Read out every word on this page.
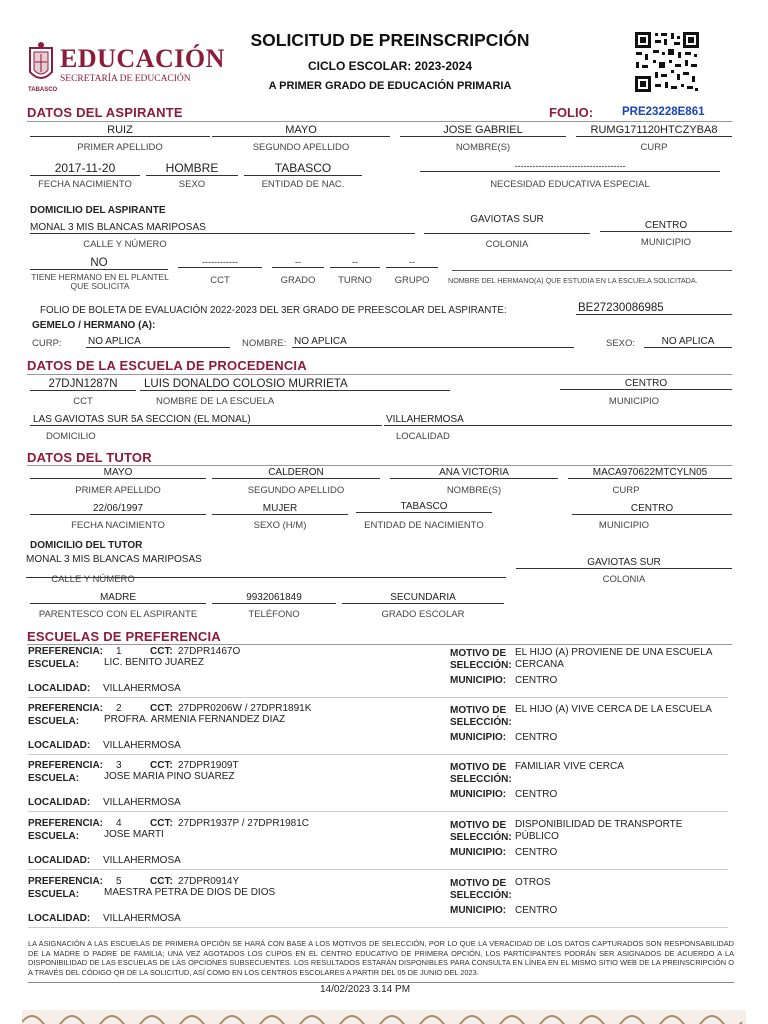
EDUCACIÓN
SECRETARÍA DE EDUCACIÓN
TABASCO
SOLICITUD DE PREINSCRIPCIÓN
CICLO ESCOLAR: 2023-2024
A PRIMER GRADO DE EDUCACIÓN PRIMARIA
DATOS DEL ASPIRANTE	FOLIO:	PRE23228E861
RUIZ
PRIMER APELLIDO
MAYO
SEGUNDO APELLIDO
JOSE GABRIEL
NOMBRE(S)
RUMG171120HTCZYBA8
CURP
2017-11-20
FECHA NACIMIENTO
HOMBRE
SEXO
TABASCO
ENTIDAD DE NAC.
-------------------------------------
NECESIDAD EDUCATIVA ESPECIAL
DOMICILIO DEL ASPIRANTE
MONAL 3 MIS BLANCAS MARIPOSAS
CALLE Y NÚMERO
GAVIOTAS SUR
COLONIA
CENTRO
MUNICIPIO
NO
TIENE HERMANO EN EL PLANTEL QUE SOLICITA
------------
CCT
--
GRADO
--
TURNO
--
GRUPO	NOMBRE DEL HERMANO(A) QUE ESTUDIA EN LA ESCUELA SOLICITADA.
FOLIO DE BOLETA DE EVALUACIÓN 2022-2023 DEL 3ER GRADO DE PREESCOLAR DEL ASPIRANTE:	BE27230086985
GEMELO / HERMANO (A):
CURP:	NO APLICA	NOMBRE: NO APLICA	SEXO:	NO APLICA
DATOS DE LA ESCUELA DE PROCEDENCIA
27DJN1287N
CCT
LUIS DONALDO COLOSIO MURRIETA
NOMBRE DE LA ESCUELA
CENTRO
MUNICIPIO
LAS GAVIOTAS SUR 5A SECCION (EL MONAL)
DOMICILIO
VILLAHERMOSA
LOCALIDAD
DATOS DEL TUTOR
MAYO
PRIMER APELLIDO
CALDERON
SEGUNDO APELLIDO
ANA VICTORIA
NOMBRE(S)
MACA970622MTCYLN05
CURP
22/06/1997
FECHA NACIMIENTO
MUJER
SEXO (H/M)
TABASCO
ENTIDAD DE NACIMIENTO
CENTRO
MUNICIPIO
DOMICILIO DEL TUTOR
MONAL 3 MIS BLANCAS MARIPOSAS
CALLE Y NÚMERO
GAVIOTAS SUR
COLONIA
MADRE
PARENTESCO CON EL ASPIRANTE
9932061849
TELÉFONO
SECUNDARIA
GRADO ESCOLAR
ESCUELAS DE PREFERENCIA
PREFERENCIA: 1	CCT: 27DPR1467O
ESCUELA: LIC. BENITO JUAREZ
LOCALIDAD: VILLAHERMOSA
MOTIVO DE
SELECCIÓN:
EL HIJO (A) PROVIENE DE UNA ESCUELA CERCANA
MUNICIPIO: CENTRO
PREFERENCIA: 2	CCT: 27DPR0206W / 27DPR1891K
ESCUELA: PROFRA. ARMENIA FERNANDEZ DIAZ
LOCALIDAD: VILLAHERMOSA
MOTIVO DE
SELECCIÓN:
EL HIJO (A) VIVE CERCA DE LA ESCUELA
MUNICIPIO: CENTRO
PREFERENCIA: 3	CCT: 27DPR1909T
ESCUELA: JOSE MARIA PINO SUAREZ
LOCALIDAD: VILLAHERMOSA
MOTIVO DE
SELECCIÓN:
FAMILIAR VIVE CERCA
MUNICIPIO: CENTRO
PREFERENCIA: 4	CCT: 27DPR1937P / 27DPR1981C
ESCUELA: JOSE MARTI
LOCALIDAD: VILLAHERMOSA
MOTIVO DE
SELECCIÓN:
DISPONIBILIDAD DE TRANSPORTE PÚBLICO
MUNICIPIO: CENTRO
PREFERENCIA: 5	CCT: 27DPR0914Y
ESCUELA: MAESTRA PETRA DE DIOS DE DIOS
LOCALIDAD: VILLAHERMOSA
MOTIVO DE
SELECCIÓN:
OTROS
MUNICIPIO: CENTRO
LA ASIGNACIÓN A LAS ESCUELAS DE PRIMERA OPCIÓN SE HARÁ CON BASE A LOS MOTIVOS DE SELECCIÓN, POR LO QUE LA VERACIDAD DE LOS DATOS CAPTURADOS SON RESPONSABILIDAD DE LA MADRE O PADRE DE FAMILIA; UNA VEZ AGOTADOS LOS CUPOS EN EL CENTRO EDUCATIVO DE PRIMERA OPCIÓN, LOS PARTICIPANTES PODRÁN SER ASIGNADOS DE ACUERDO A LA DISPONIBILIDAD DE LAS ESCUELAS DE LAS OPCIONES SUBSECUENTES. LOS RESULTADOS ESTARÁN DISPONIBLES PARA CONSULTA EN LÍNEA EN EL MISMO SITIO WEB DE LA PREINSCRIPCIÓN O A TRAVÉS DEL CÓDIGO QR DE LA SOLICITUD, ASÍ COMO EN LOS CENTROS ESCOLARES A PARTIR DEL 05 DE JUNIO DEL 2023.
14/02/2023 3.14 PM
